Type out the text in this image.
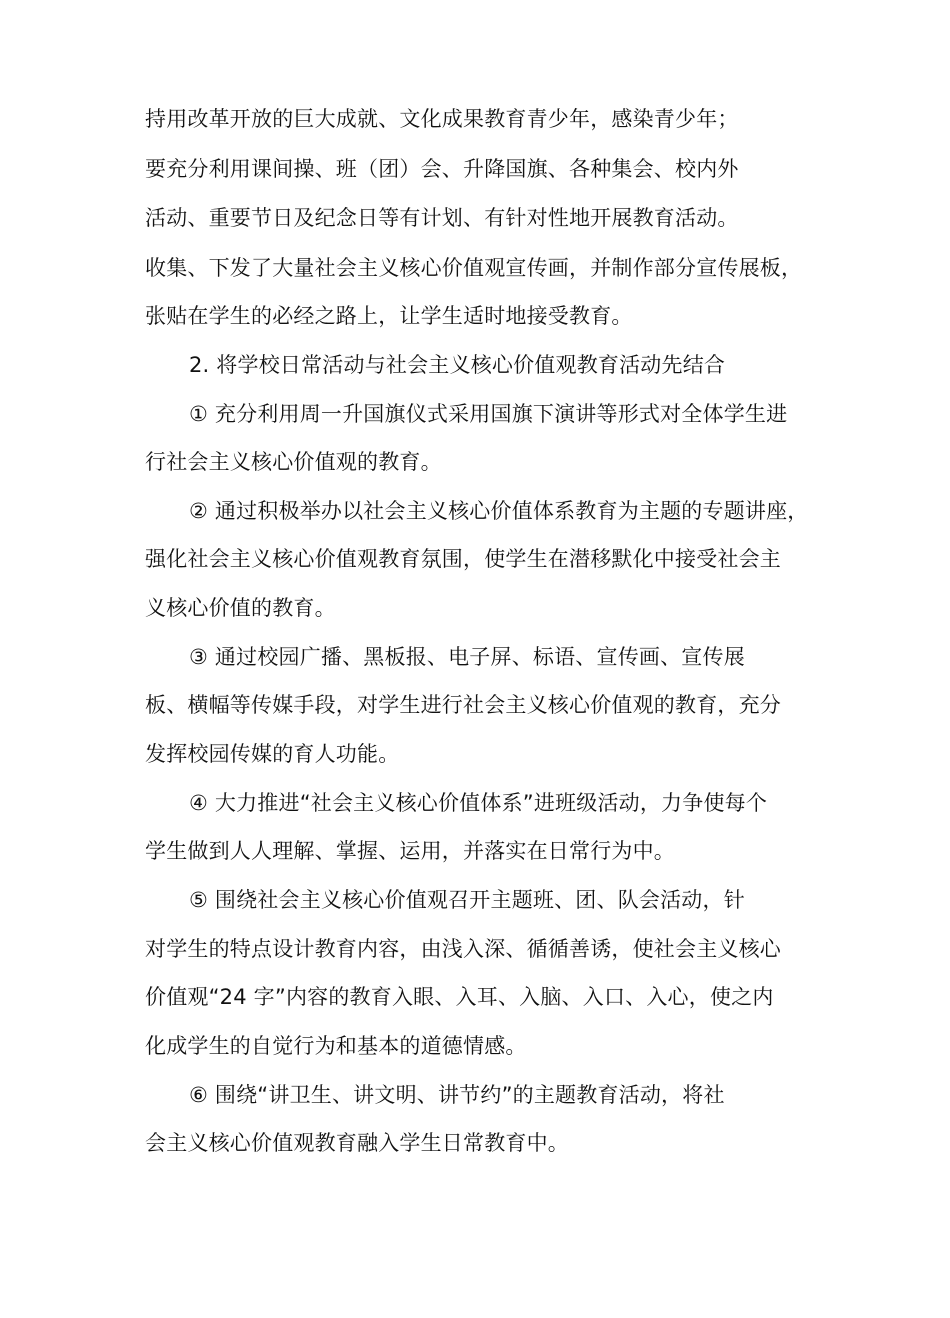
持用改革开放的巨大成就、文化成果教育青少年，感染青少年；
要充分利用课间操、班（团）会、升降国旗、各种集会、校内外
活动、重要节日及纪念日等有计划、有针对性地开展教育活动。
收集、下发了大量社会主义核心价值观宣传画，并制作部分宣传展板，
张贴在学生的必经之路上，让学生适时地接受教育。
2. 将学校日常活动与社会主义核心价值观教育活动先结合
① 充分利用周一升国旗仪式采用国旗下演讲等形式对全体学生进
行社会主义核心价值观的教育。
② 通过积极举办以社会主义核心价值体系教育为主题的专题讲座，
强化社会主义核心价值观教育氛围，使学生在潜移默化中接受社会主
义核心价值的教育。
③ 通过校园广播、黑板报、电子屏、标语、宣传画、宣传展
板、横幅等传媒手段，对学生进行社会主义核心价值观的教育，充分
发挥校园传媒的育人功能。
④ 大力推进“社会主义核心价值体系”进班级活动，力争使每个
学生做到人人理解、掌握、运用，并落实在日常行为中。
⑤ 围绕社会主义核心价值观召开主题班、团、队会活动，针
对学生的特点设计教育内容，由浅入深、循循善诱，使社会主义核心
价值观“24 字”内容的教育入眼、入耳、入脑、入口、入心，使之内
化成学生的自觉行为和基本的道德情感。
⑥ 围绕“讲卫生、讲文明、讲节约”的主题教育活动，将社
会主义核心价值观教育融入学生日常教育中。
